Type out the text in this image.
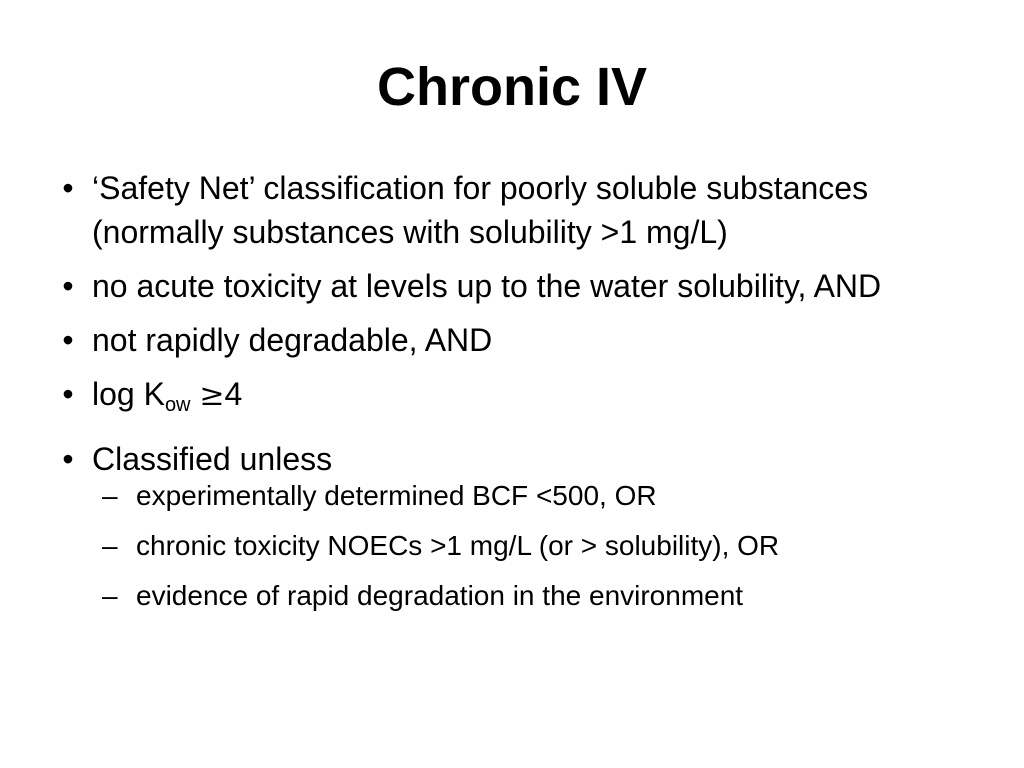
Chronic IV
• ‘Safety Net’ classification for poorly soluble substances (normally substances with solubility >1 mg/L)
• no acute toxicity at levels up to the water solubility, AND
• not rapidly degradable, AND
• $\log K_{ow} \ge 4$
• Classified unless
– experimentally determined BCF <500, OR
– chronic toxicity NOECs >1 mg/L (or > solubility), OR
– evidence of rapid degradation in the environment
